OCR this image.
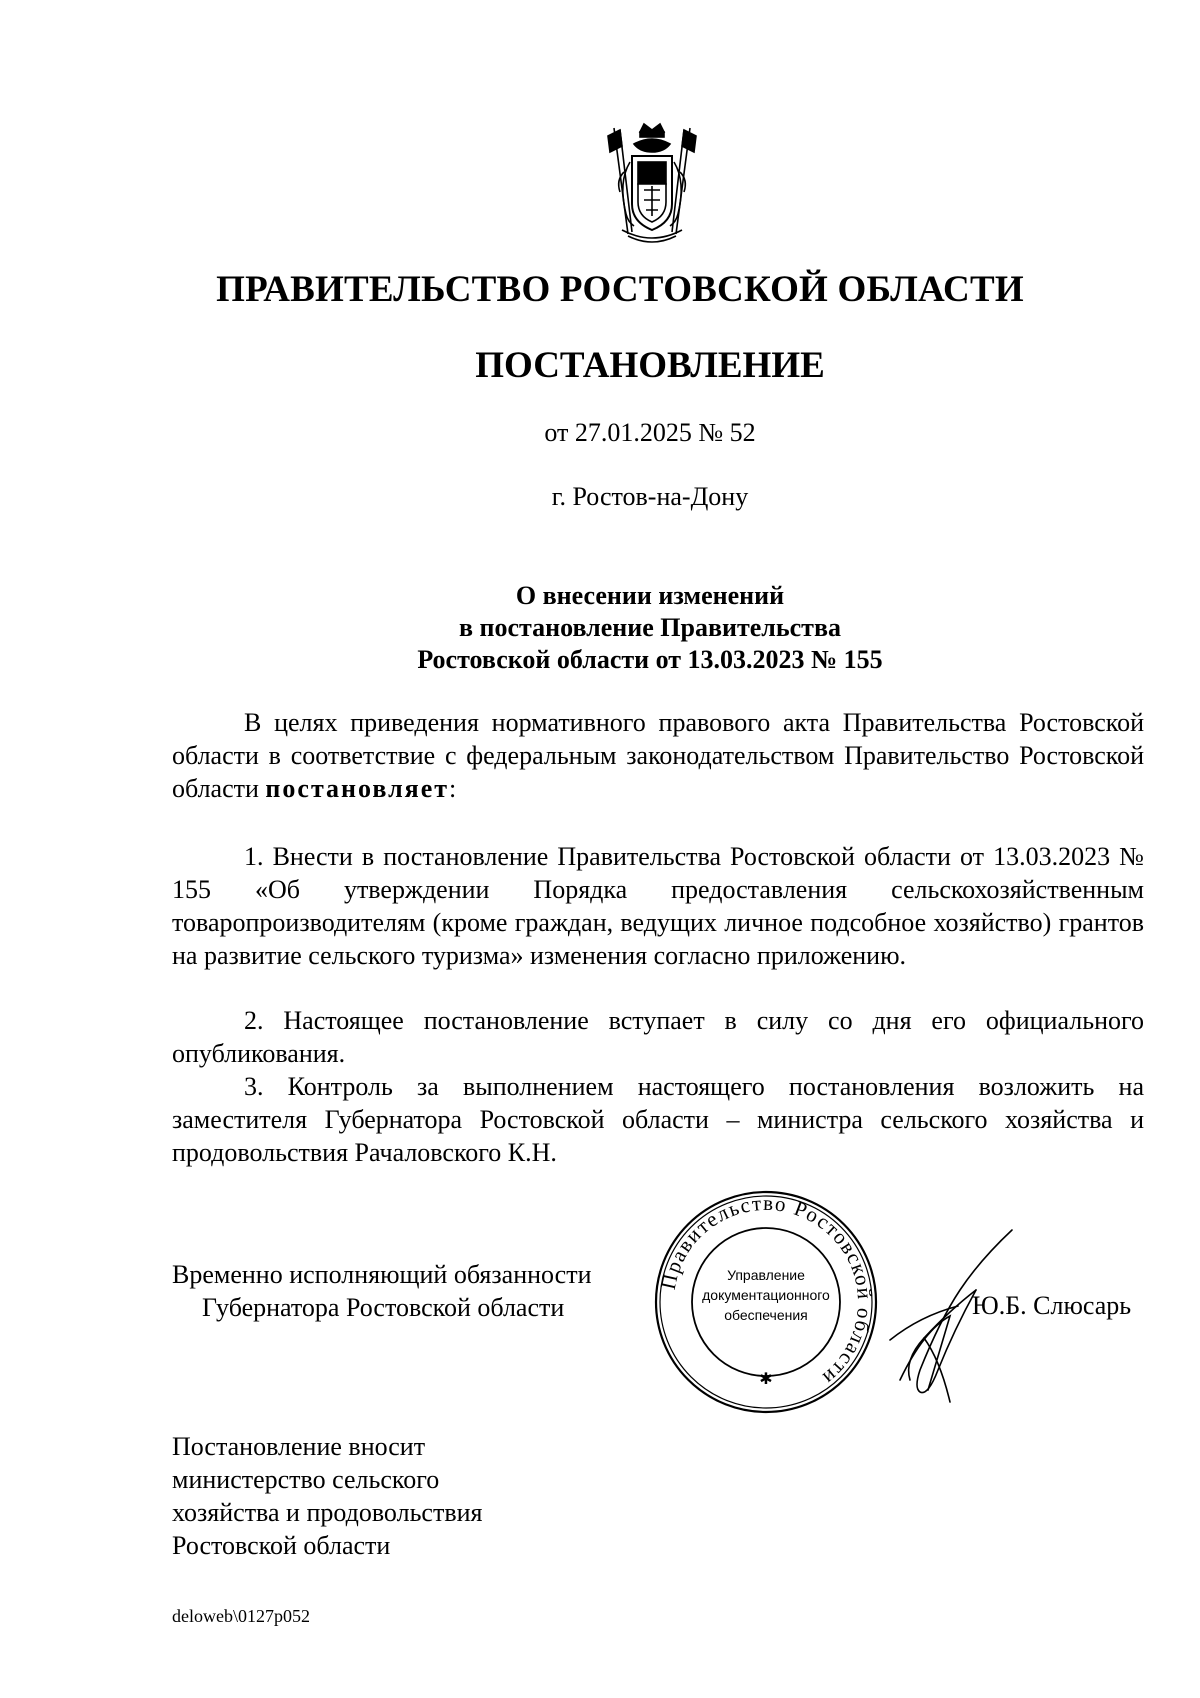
ПРАВИТЕЛЬСТВО РОСТОВСКОЙ ОБЛАСТИ
ПОСТАНОВЛЕНИЕ
от 27.01.2025 № 52
г. Ростов-на-Дону
О внесении изменений
в постановление Правительства
Ростовской области от 13.03.2023 № 155

В целях приведения нормативного правового акта Правительства Ростовской области в соответствие с федеральным законодательством Правительство Ростовской области постановляет:

1. Внести в постановление Правительства Ростовской области от 13.03.2023 № 155 «Об утверждении Порядка предоставления сельскохозяйственным товаропроизводителям (кроме граждан, ведущих личное подсобное хозяйство) грантов на развитие сельского туризма» изменения согласно приложению.

2. Настоящее постановление вступает в силу со дня его официального опубликования.

3. Контроль за выполнением настоящего постановления возложить на заместителя Губернатора Ростовской области – министра сельского хозяйства и продовольствия Рачаловского К.Н.

Временно исполняющий обязанности
Губернатора Ростовской области
Правительство Ростовской области
✱
Управление
документационного
обеспечения	Ю.Б. Слюсарь
Постановление вносит
министерство сельского
хозяйства и продовольствия
Ростовской области
deloweb\0127p052
